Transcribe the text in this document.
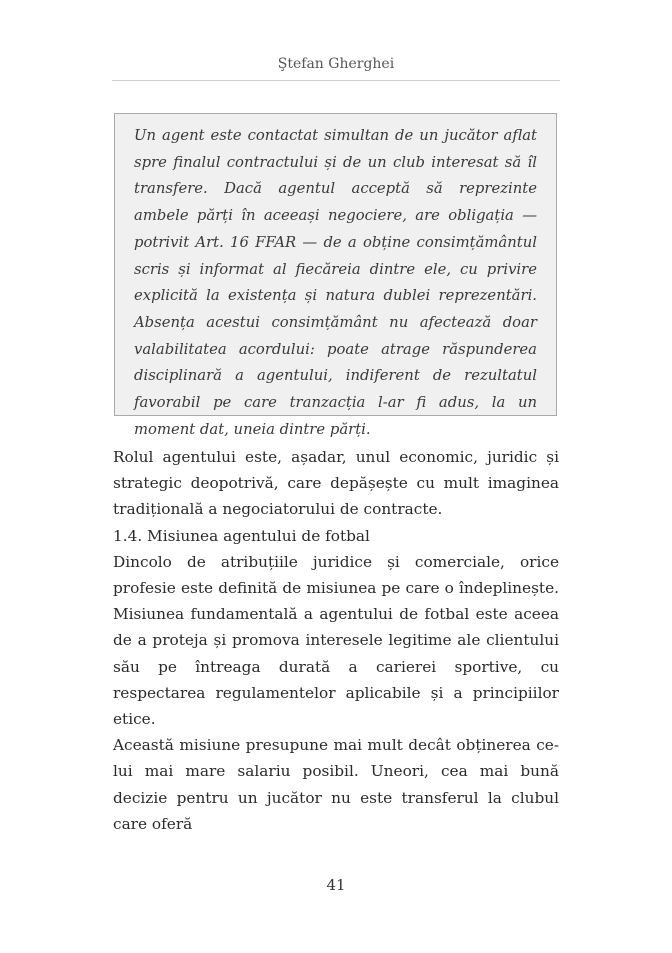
Ştefan Gherghei

Un agent este contactat simultan de un jucător aflat spre finalul contractului și de un club interesat să îl transfere. Dacă agentul acceptă să reprezinte ambele părți în aceeași negociere, are obligația — potrivit Art. 16 FFAR — de a obține consimțământul scris și informat al fiecăreia dintre ele, cu privire explicită la existența și natura dublei reprezentări. Absența acestui consimțământ nu afectează doar valabilitatea acordului: poate atrage răspunderea disciplinară a agentului, indiferent de rezultatul favorabil pe care tranzacția l-ar fi adus, la un moment dat, uneia dintre părți.

Rolul agentului este, așadar, unul economic, juridic și strategic deopotrivă, care depășește cu mult imaginea tradițională a negociatorului de contracte.

1.4. Misiunea agentului de fotbal

Dincolo de atribuțiile juridice și comerciale, orice profesie este definită de misiunea pe care o îndeplinește. Misiunea fundamentală a agentului de fotbal este aceea de a proteja și promova interesele legitime ale clientului său pe întreaga durată a carierei sportive, cu respectarea regulamentelor aplicabile și a principiilor etice.

Această misiune presupune mai mult decât obținerea celui mai mare salariu posibil. Uneori, cea mai bună decizie pentru un jucător nu este transferul la clubul care oferă

41
